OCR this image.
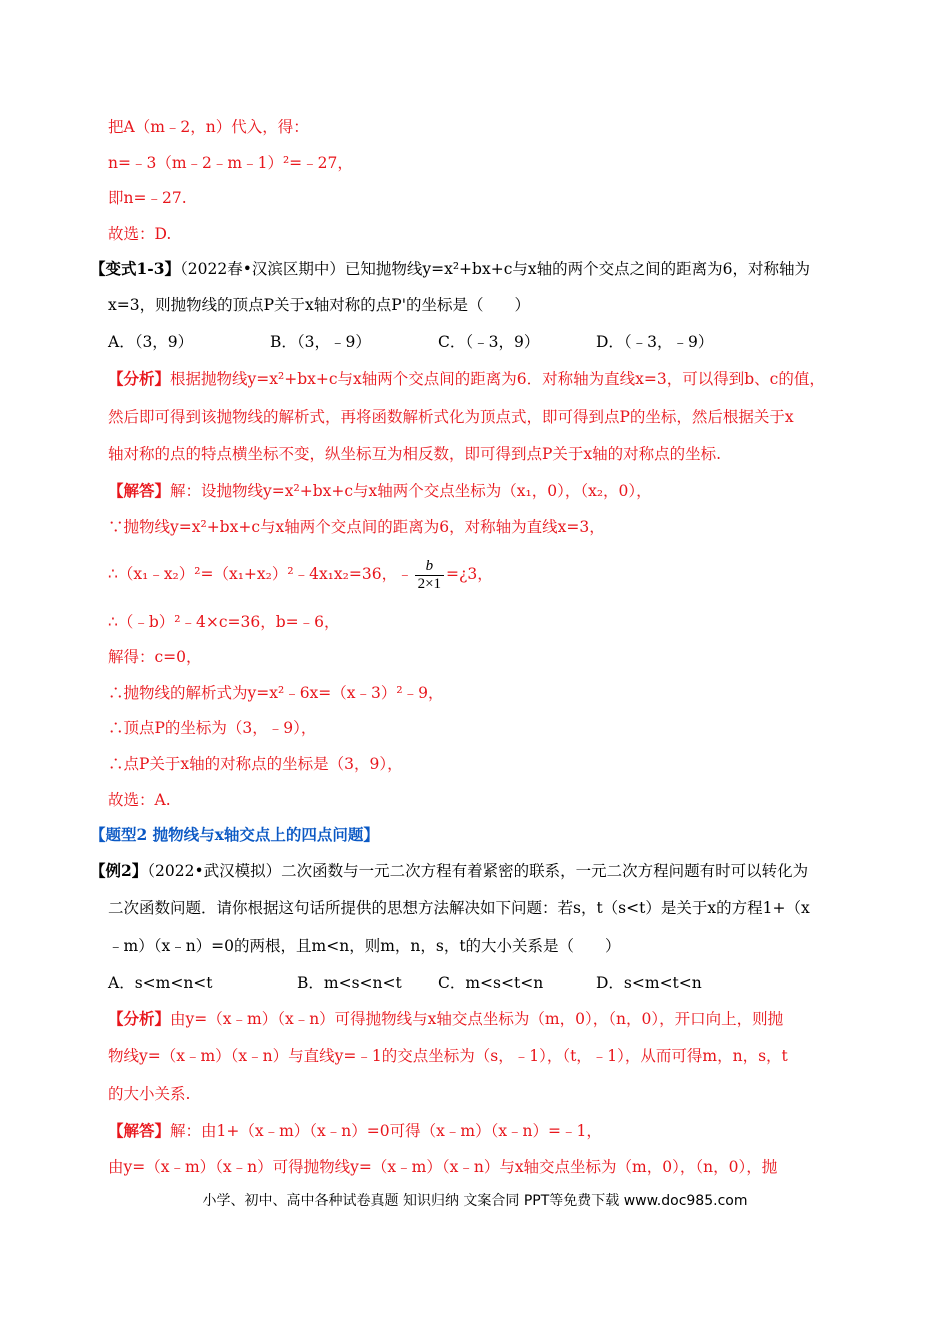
把A（m﹣2，n）代入，得：
n=﹣3（m﹣2﹣m﹣1）²=﹣27，
即n=﹣27.
故选：D.
【变式1-3】（2022春•汉滨区期中）已知抛物线y=x²+bx+c与x轴的两个交点之间的距离为6，对称轴为
x=3，则抛物线的顶点P关于x轴对称的点P'的坐标是（　　）
A．（3，9）	B．（3，﹣9）	C．（﹣3，9）	D．（﹣3，﹣9）
【分析】根据抛物线y=x²+bx+c与x轴两个交点间的距离为6．对称轴为直线x=3，可以得到b、c的值，
然后即可得到该抛物线的解析式，再将函数解析式化为顶点式，即可得到点P的坐标，然后根据关于x
轴对称的点的特点横坐标不变，纵坐标互为相反数，即可得到点P关于x轴的对称点的坐标.
【解答】解：设抛物线y=x²+bx+c与x轴两个交点坐标为（x₁，0），（x₂，0），
∵抛物线y=x²+bx+c与x轴两个交点间的距离为6，对称轴为直线x=3，
∴（x₁﹣x₂）²=（x₁+x₂）²﹣4x₁x₂=36，﹣ $\frac{b}{2\times 1}$ =¿3，
∴（﹣b）²﹣4×c=36，b=﹣6，
解得：c=0，
∴抛物线的解析式为y=x²﹣6x=（x﹣3）²﹣9，
∴顶点P的坐标为（3，﹣9），
∴点P关于x轴的对称点的坐标是（3，9），
故选：A.
【题型2 抛物线与x轴交点上的四点问题】
【例2】（2022•武汉模拟）二次函数与一元二次方程有着紧密的联系，一元二次方程问题有时可以转化为
二次函数问题．请你根据这句话所提供的思想方法解决如下问题：若s，t（s<t）是关于x的方程1+（x
﹣m）（x﹣n）=0的两根，且m<n，则m，n，s，t的大小关系是（　　）
A．s<m<n<t	B．m<s<n<t C．m<s<t<n	D．s<m<t<n
【分析】由y=（x﹣m）（x﹣n）可得抛物线与x轴交点坐标为（m，0），（n，0），开口向上，则抛
物线y=（x﹣m）（x﹣n）与直线y=﹣1的交点坐标为（s，﹣1），（t，﹣1），从而可得m，n，s，t
的大小关系.
【解答】解：由1+（x﹣m）（x﹣n）=0可得（x﹣m）（x﹣n）=﹣1，
由y=（x﹣m）（x﹣n）可得抛物线y=（x﹣m）（x﹣n）与x轴交点坐标为（m，0），（n，0），抛
小学、初中、高中各种试卷真题 知识归纳 文案合同 PPT等免费下载 www.doc985.com
